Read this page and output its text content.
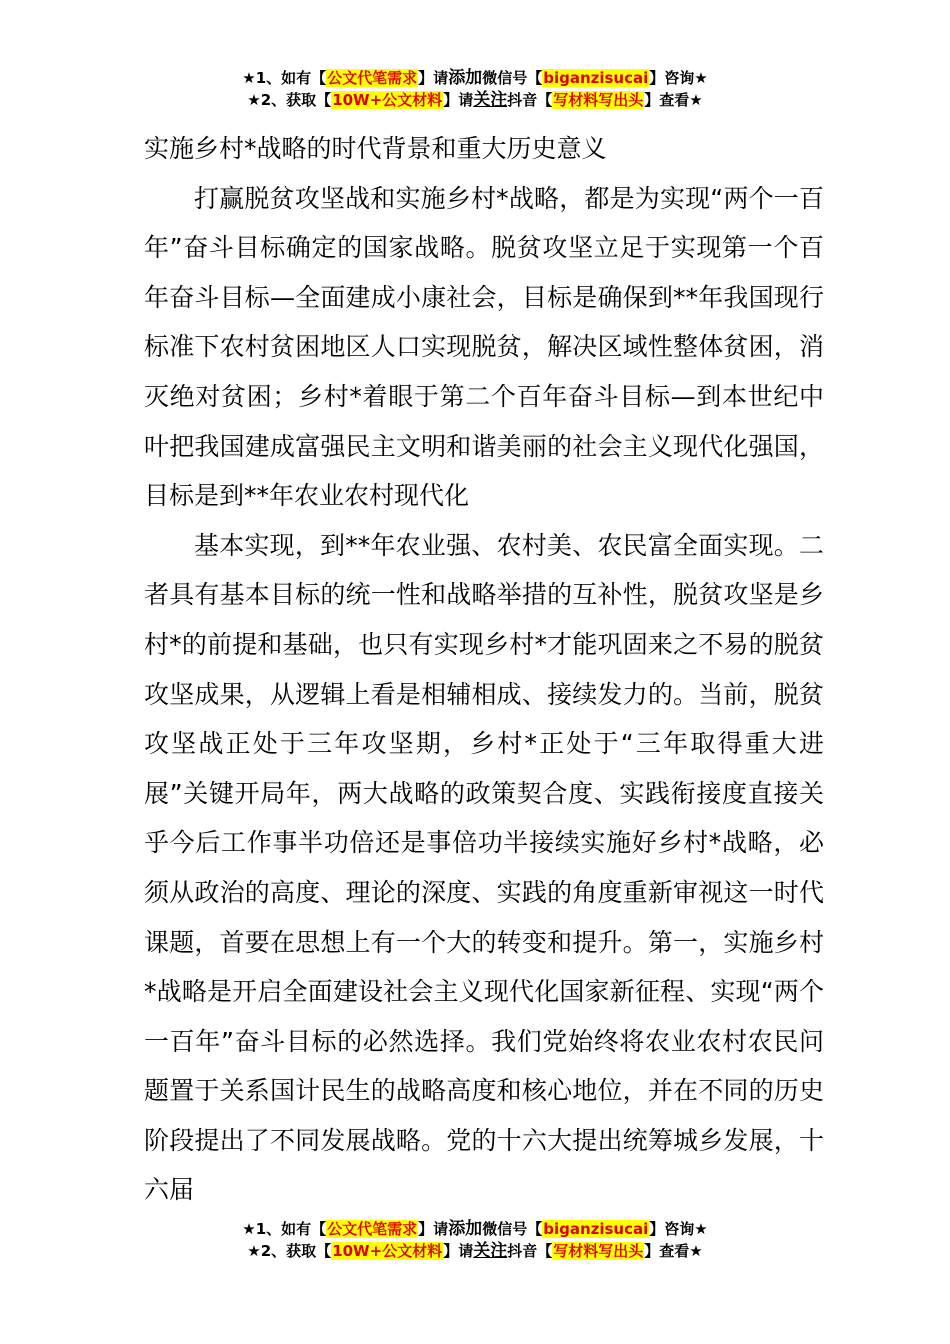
★1、如有【公文代笔需求】请添加微信号【biganzisucai】咨询★
★2、获取【10W+公文材料】请关注抖音【写材料写出头】查看★

实施乡村*战略的时代背景和重大历史意义

打赢脱贫攻坚战和实施乡村*战略，都是为实现“两个一百年”奋斗目标确定的国家战略。脱贫攻坚立足于实现第一个百年奋斗目标—全面建成小康社会，目标是确保到**年我国现行标准下农村贫困地区人口实现脱贫，解决区域性整体贫困，消灭绝对贫困；乡村*着眼于第二个百年奋斗目标—到本世纪中叶把我国建成富强民主文明和谐美丽的社会主义现代化强国，目标是到**年农业农村现代化

基本实现，到**年农业强、农村美、农民富全面实现。二者具有基本目标的统一性和战略举措的互补性，脱贫攻坚是乡村*的前提和基础，也只有实现乡村*才能巩固来之不易的脱贫攻坚成果，从逻辑上看是相辅相成、接续发力的。当前，脱贫攻坚战正处于三年攻坚期，乡村*正处于“三年取得重大进展”关键开局年，两大战略的政策契合度、实践衔接度直接关乎今后工作事半功倍还是事倍功半接续实施好乡村*战略，必须从政治的高度、理论的深度、实践的角度重新审视这一时代课题，首要在思想上有一个大的转变和提升。第一，实施乡村*战略是开启全面建设社会主义现代化国家新征程、实现“两个一百年”奋斗目标的必然选择。我们党始终将农业农村农民问题置于关系国计民生的战略高度和核心地位，并在不同的历史阶段提出了不同发展战略。党的十六大提出统筹城乡发展，十六届

★1、如有【公文代笔需求】请添加微信号【biganzisucai】咨询★
★2、获取【10W+公文材料】请关注抖音【写材料写出头】查看★
